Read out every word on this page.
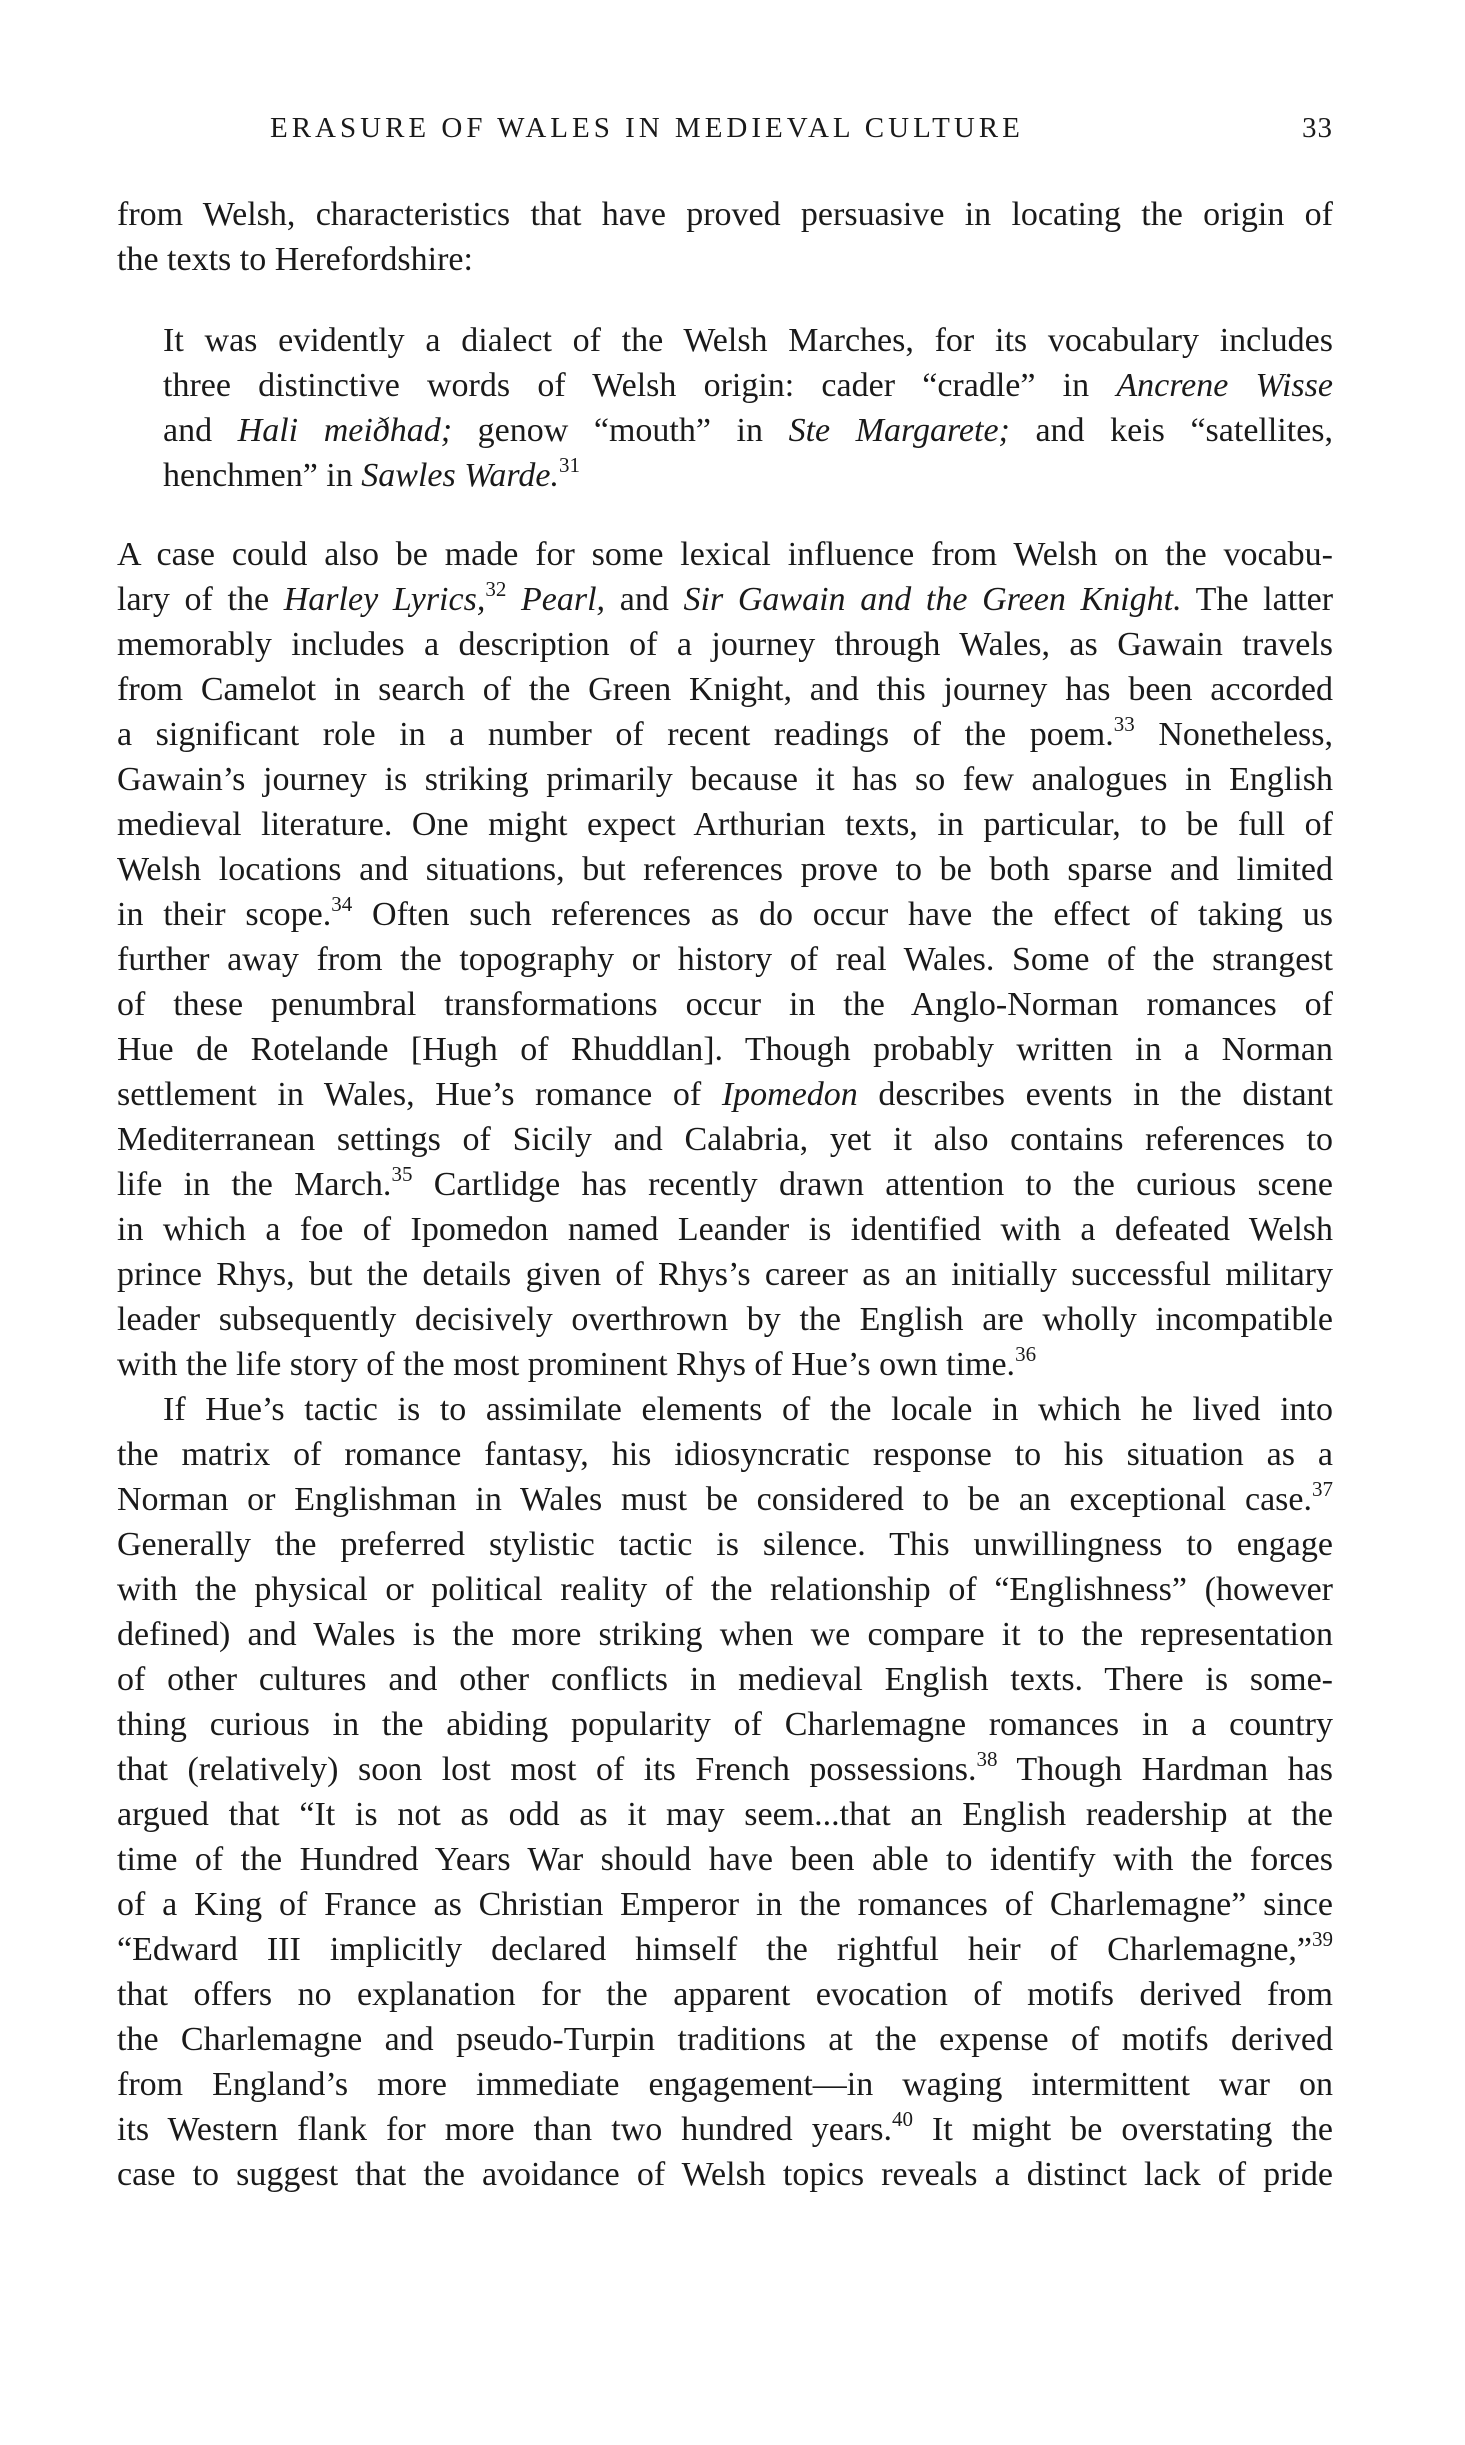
ERASURE OF WALES IN MEDIEVAL CULTURE	33

from Welsh, characteristics that have proved persuasive in locating the origin of
the texts to Herefordshire:

It was evidently a dialect of the Welsh Marches, for its vocabulary includes
three distinctive words of Welsh origin: cader “cradle” in Ancrene Wisse
and Hali meiðhad; genow “mouth” in Ste Margarete; and keis “satellites,
henchmen” in Sawles Warde.$^{31}$

A case could also be made for some lexical influence from Welsh on the vocabu-
lary of the Harley Lyrics,$^{32}$ Pearl, and Sir Gawain and the Green Knight. The latter
memorably includes a description of a journey through Wales, as Gawain travels
from Camelot in search of the Green Knight, and this journey has been accorded
a significant role in a number of recent readings of the poem.$^{33}$ Nonetheless,
Gawain’s journey is striking primarily because it has so few analogues in English
medieval literature. One might expect Arthurian texts, in particular, to be full of
Welsh locations and situations, but references prove to be both sparse and limited
in their scope.$^{34}$ Often such references as do occur have the effect of taking us
further away from the topography or history of real Wales. Some of the strangest
of these penumbral transformations occur in the Anglo-Norman romances of
Hue de Rotelande [Hugh of Rhuddlan]. Though probably written in a Norman
settlement in Wales, Hue’s romance of Ipomedon describes events in the distant
Mediterranean settings of Sicily and Calabria, yet it also contains references to
life in the March.$^{35}$ Cartlidge has recently drawn attention to the curious scene
in which a foe of Ipomedon named Leander is identified with a defeated Welsh
prince Rhys, but the details given of Rhys’s career as an initially successful military
leader subsequently decisively overthrown by the English are wholly incompatible
with the life story of the most prominent Rhys of Hue’s own time.$^{36}$

If Hue’s tactic is to assimilate elements of the locale in which he lived into
the matrix of romance fantasy, his idiosyncratic response to his situation as a
Norman or Englishman in Wales must be considered to be an exceptional case.$^{37}$
Generally the preferred stylistic tactic is silence. This unwillingness to engage
with the physical or political reality of the relationship of “Englishness” (however
defined) and Wales is the more striking when we compare it to the representation
of other cultures and other conflicts in medieval English texts. There is some-
thing curious in the abiding popularity of Charlemagne romances in a country
that (relatively) soon lost most of its French possessions.$^{38}$ Though Hardman has
argued that “It is not as odd as it may seem...that an English readership at the
time of the Hundred Years War should have been able to identify with the forces
of a King of France as Christian Emperor in the romances of Charlemagne” since
“Edward III implicitly declared himself the rightful heir of Charlemagne,”$^{39}$
that offers no explanation for the apparent evocation of motifs derived from
the Charlemagne and pseudo-Turpin traditions at the expense of motifs derived
from England’s more immediate engagement—in waging intermittent war on
its Western flank for more than two hundred years.$^{40}$ It might be overstating the
case to suggest that the avoidance of Welsh topics reveals a distinct lack of pride
